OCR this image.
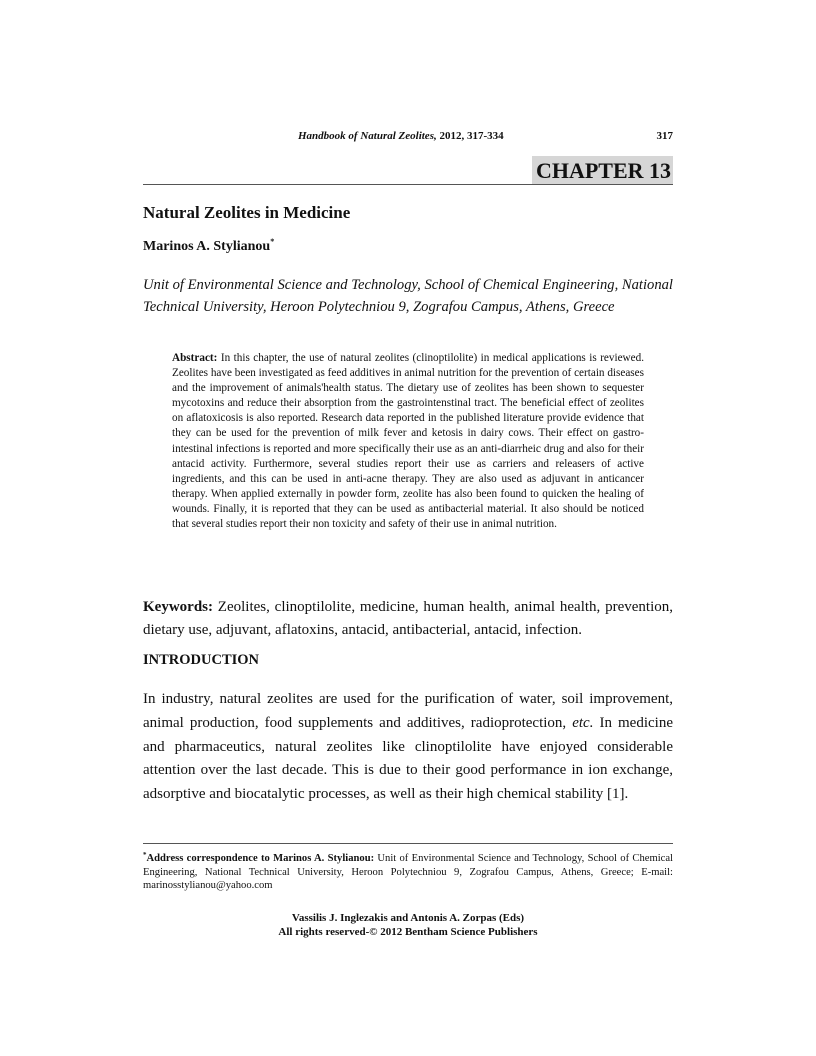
Handbook of Natural Zeolites, 2012, 317-334	317
CHAPTER 13
Natural Zeolites in Medicine
Marinos A. Stylianou*
Unit of Environmental Science and Technology, School of Chemical Engineering, National Technical University, Heroon Polytechniou 9, Zografou Campus, Athens, Greece
Abstract: In this chapter, the use of natural zeolites (clinoptilolite) in medical applications is reviewed. Zeolites have been investigated as feed additives in animal nutrition for the prevention of certain diseases and the improvement of animals'health status. The dietary use of zeolites has been shown to sequester mycotoxins and reduce their absorption from the gastrointenstinal tract. The beneficial effect of zeolites on aflatoxicosis is also reported. Research data reported in the published literature provide evidence that they can be used for the prevention of milk fever and ketosis in dairy cows. Their effect on gastro-intestinal infections is reported and more specifically their use as an anti-diarrheic drug and also for their antacid activity. Furthermore, several studies report their use as carriers and releasers of active ingredients, and this can be used in anti-acne therapy. They are also used as adjuvant in anticancer therapy. When applied externally in powder form, zeolite has also been found to quicken the healing of wounds. Finally, it is reported that they can be used as antibacterial material. It also should be noticed that several studies report their non toxicity and safety of their use in animal nutrition.
Keywords: Zeolites, clinoptilolite, medicine, human health, animal health, prevention, dietary use, adjuvant, aflatoxins, antacid, antibacterial, antacid, infection.
INTRODUCTION
In industry, natural zeolites are used for the purification of water, soil improvement, animal production, food supplements and additives, radioprotection, etc. In medicine and pharmaceutics, natural zeolites like clinoptilolite have enjoyed considerable attention over the last decade. This is due to their good performance in ion exchange, adsorptive and biocatalytic processes, as well as their high chemical stability [1].
*Address correspondence to Marinos A. Stylianou: Unit of Environmental Science and Technology, School of Chemical Engineering, National Technical University, Heroon Polytechniou 9, Zografou Campus, Athens, Greece; E-mail: marinosstylianou@yahoo.com
Vassilis J. Inglezakis and Antonis A. Zorpas (Eds)
All rights reserved-© 2012 Bentham Science Publishers
